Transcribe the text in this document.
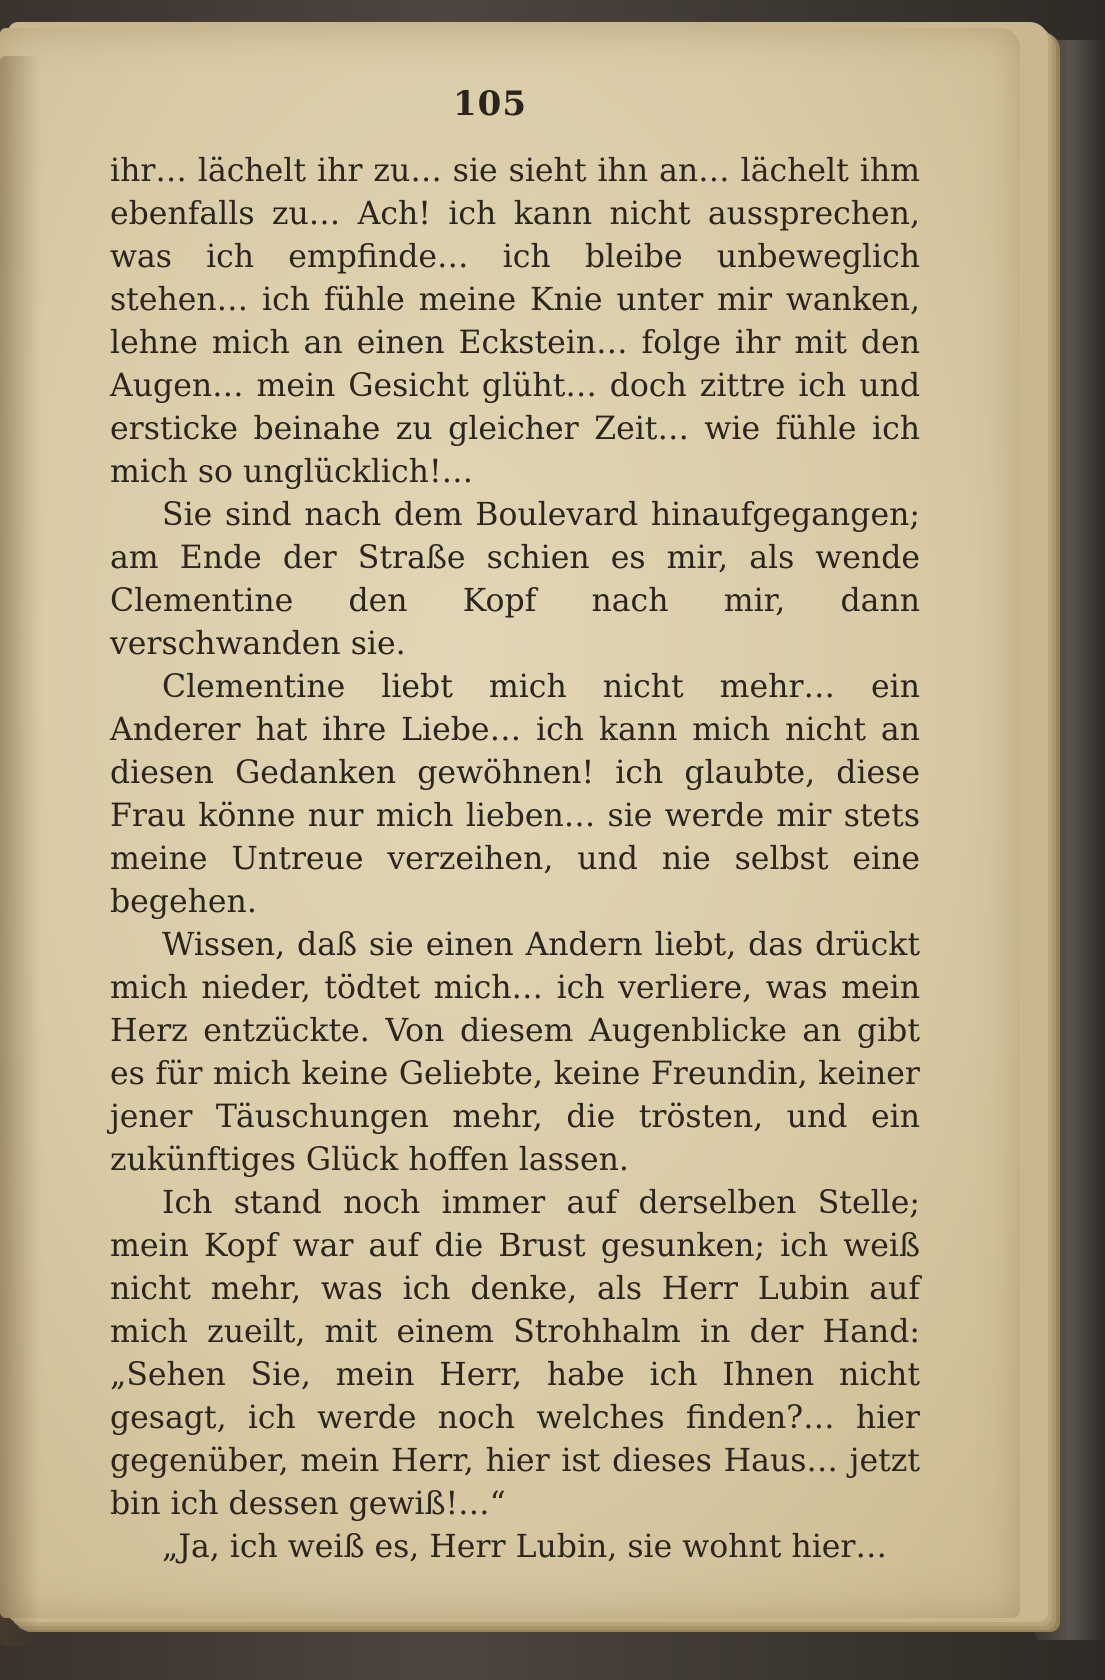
105

ihr… lächelt ihr zu… sie sieht ihn an… lächelt ihm ebenfalls zu… Ach! ich kann nicht aussprechen, was ich empfinde… ich bleibe unbeweglich stehen… ich fühle meine Knie unter mir wanken, lehne mich an einen Eckstein… folge ihr mit den Augen… mein Gesicht glüht… doch zittre ich und ersticke beinahe zu gleicher Zeit… wie fühle ich mich so unglücklich!…

Sie sind nach dem Boulevard hinaufgegangen; am Ende der Straße schien es mir, als wende Clementine den Kopf nach mir, dann verschwanden sie.

Clementine liebt mich nicht mehr… ein Anderer hat ihre Liebe… ich kann mich nicht an diesen Gedanken gewöhnen! ich glaubte, diese Frau könne nur mich lieben… sie werde mir stets meine Untreue verzeihen, und nie selbst eine begehen.

Wissen, daß sie einen Andern liebt, das drückt mich nieder, tödtet mich… ich verliere, was mein Herz entzückte. Von diesem Augenblicke an gibt es für mich keine Geliebte, keine Freundin, keiner jener Täuschungen mehr, die trösten, und ein zukünftiges Glück hoffen lassen.

Ich stand noch immer auf derselben Stelle; mein Kopf war auf die Brust gesunken; ich weiß nicht mehr, was ich denke, als Herr Lubin auf mich zueilt, mit einem Strohhalm in der Hand: „Sehen Sie, mein Herr, habe ich Ihnen nicht gesagt, ich werde noch welches finden?… hier gegenüber, mein Herr, hier ist dieses Haus… jetzt bin ich dessen gewiß!…“

„Ja, ich weiß es, Herr Lubin, sie wohnt hier…
